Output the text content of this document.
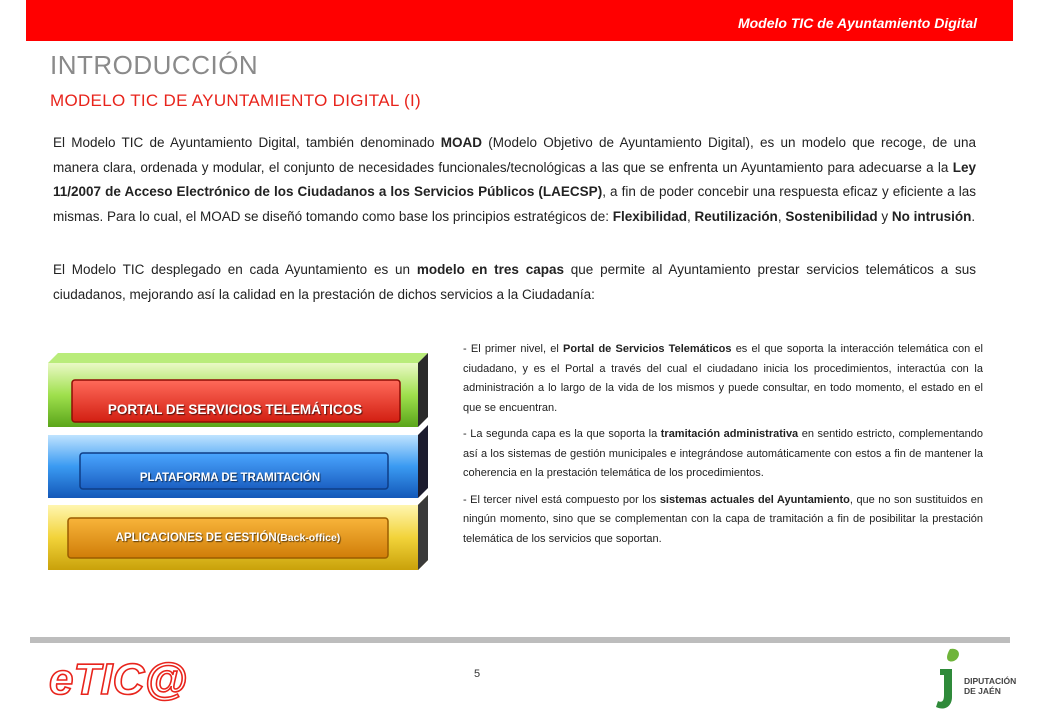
Modelo TIC de Ayuntamiento Digital
INTRODUCCIÓN
MODELO TIC DE AYUNTAMIENTO DIGITAL (I)
El Modelo TIC de Ayuntamiento Digital, también denominado MOAD (Modelo Objetivo de Ayuntamiento Digital), es un modelo que recoge, de una manera clara, ordenada y modular, el conjunto de necesidades funcionales/tecnológicas a las que se enfrenta un Ayuntamiento para adecuarse a la Ley 11/2007 de Acceso Electrónico de los Ciudadanos a los Servicios Públicos (LAECSP), a fin de poder concebir una respuesta eficaz y eficiente a las mismas. Para lo cual, el MOAD se diseñó tomando como base los principios estratégicos de: Flexibilidad, Reutilización, Sostenibilidad y No intrusión.
El Modelo TIC desplegado en cada Ayuntamiento es un modelo en tres capas que permite al Ayuntamiento prestar servicios telemáticos a sus ciudadanos, mejorando así la calidad en la prestación de dichos servicios a la Ciudadanía:
PORTAL DE SERVICIOS TELEMÁTICOS
PLATAFORMA DE TRAMITACIÓN
APLICACIONES DE GESTIÓN(Back-office)

- El primer nivel, el Portal de Servicios Telemáticos es el que soporta la interacción telemática con el ciudadano, y es el Portal a través del cual el ciudadano inicia los procedimientos, interactúa con la administración a lo largo de la vida de los mismos y puede consultar, en todo momento, el estado en el que se encuentran.

- La segunda capa es la que soporta la tramitación administrativa en sentido estricto, complementando así a los sistemas de gestión municipales e integrándose automáticamente con estos a fin de mantener la coherencia en la prestación telemática de los procedimientos.

- El tercer nivel está compuesto por los sistemas actuales del Ayuntamiento, que no son sustituidos en ningún momento, sino que se complementan con la capa de tramitación a fin de posibilitar la prestación telemática de los servicios que soportan.

eTIC@	5
DIPUTACIÓN
DE JAÉN
